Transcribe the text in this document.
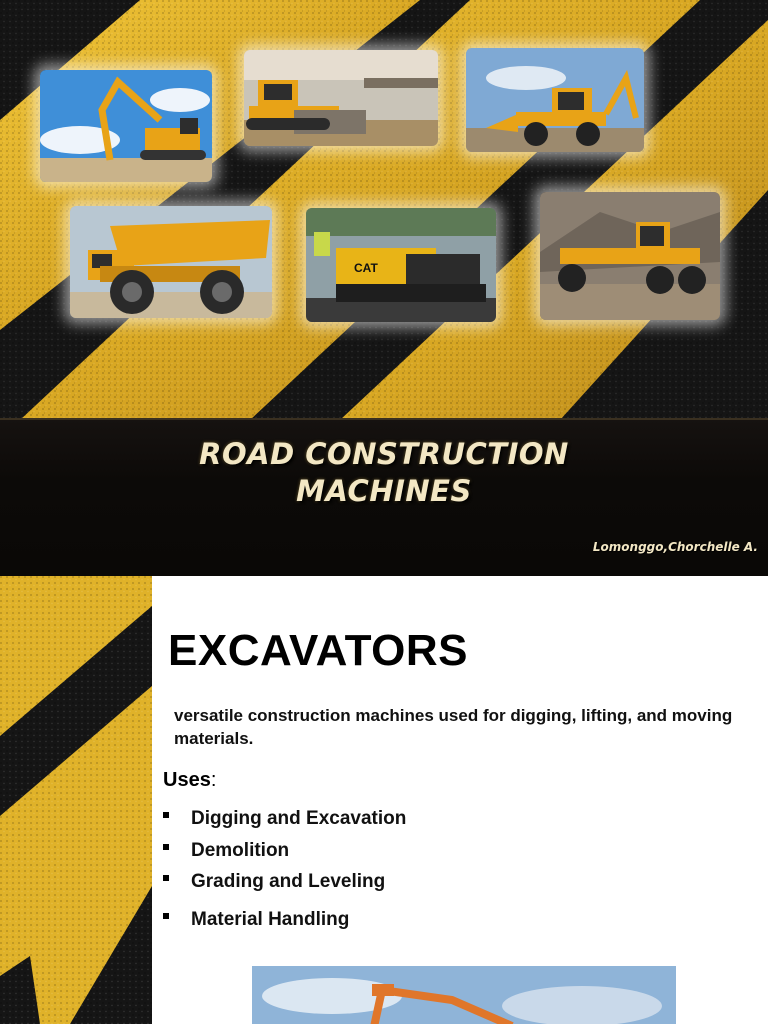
CAT
ROAD CONSTRUCTION
MACHINES
Lomonggo,Chorchelle A.
EXCAVATORS
versatile construction machines used for digging, lifting, and moving materials.
Uses:
Digging and Excavation
Demolition
Grading and Leveling
Material Handling
